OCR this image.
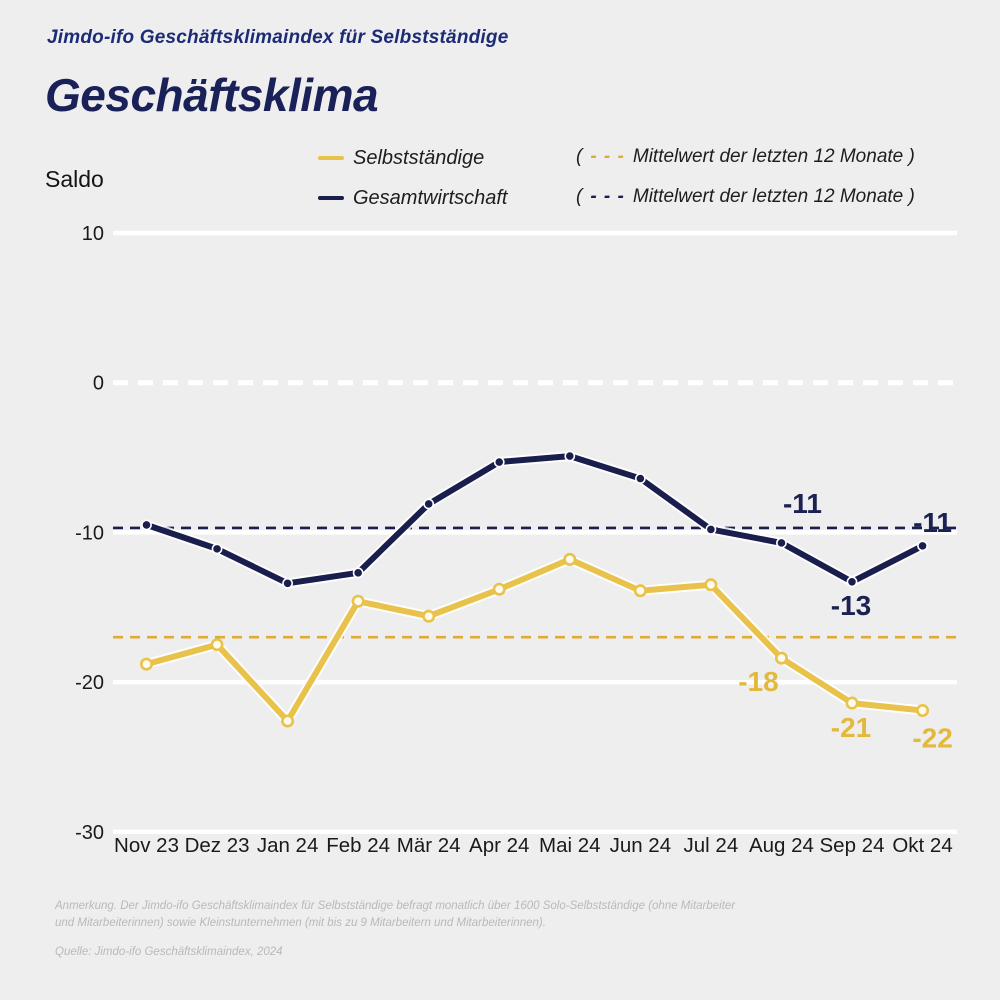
Jimdo-ifo Geschäftsklimaindex für Selbstständige
Geschäftsklima
Saldo
Selbstständige	( - - - Mittelwert der letzten 12 Monate )
Gesamtwirtschaft	( - - - Mittelwert der letzten 12 Monate )
10
0
-10
-20
-30
Nov 23 Dez 23 Jan 24 Feb 24 Mär 24 Apr 24 Mai 24 Jun 24 Jul 24 Aug 24 Sep 24 Okt 24
-11
-13
-11
-18
-21 -22

Anmerkung. Der Jimdo-ifo Geschäftsklimaindex für Selbstständige befragt monatlich über 1600 Solo-Selbstständige (ohne Mitarbeiter und Mitarbeiterinnen) sowie Kleinstunternehmen (mit bis zu 9 Mitarbeitern und Mitarbeiterinnen).

Quelle: Jimdo-ifo Geschäftsklimaindex, 2024
